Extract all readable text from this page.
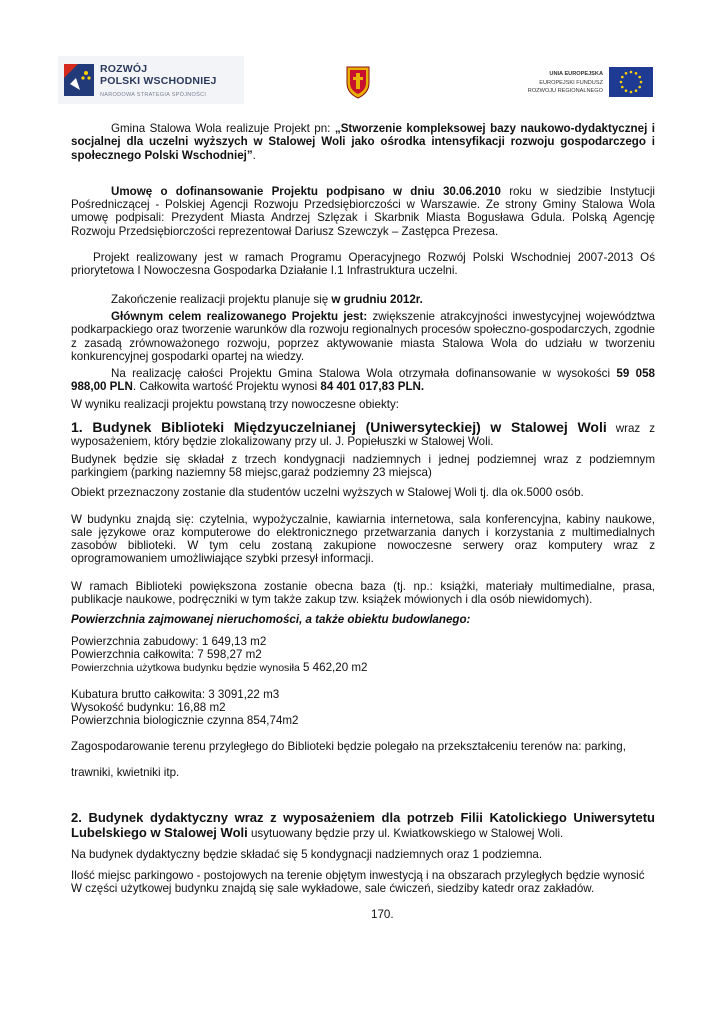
ROZWÓJ
POLSKI WSCHODNIEJ
NARODOWA STRATEGIA SPÓJNOŚCI
UNIA EUROPEJSKA
EUROPEJSKI FUNDUSZ
ROZWOJU REGIONALNEGO

Gmina Stalowa Wola realizuje Projekt pn: „Stworzenie kompleksowej bazy naukowo-dydaktycznej i socjalnej dla uczelni wyższych w Stalowej Woli jako ośrodka intensyfikacji rozwoju gospodarczego i społecznego Polski Wschodniej”.

Umowę o dofinansowanie Projektu podpisano w dniu 30.06.2010 roku w siedzibie Instytucji Pośredniczącej - Polskiej Agencji Rozwoju Przedsiębiorczości w Warszawie. Ze strony Gminy Stalowa Wola umowę podpisali: Prezydent Miasta Andrzej Szlęzak i Skarbnik Miasta Bogusława Gdula. Polską Agencję Rozwoju Przedsiębiorczości reprezentował Dariusz Szewczyk – Zastępca Prezesa.

Projekt realizowany jest w ramach Programu Operacyjnego Rozwój Polski Wschodniej 2007-2013 Oś priorytetowa I Nowoczesna Gospodarka Działanie I.1 Infrastruktura uczelni.

Zakończenie realizacji projektu planuje się w grudniu 2012r.

Głównym celem realizowanego Projektu jest: zwiększenie atrakcyjności inwestycyjnej województwa podkarpackiego oraz tworzenie warunków dla rozwoju regionalnych procesów społeczno-gospodarczych, zgodnie z zasadą zrównoważonego rozwoju, poprzez aktywowanie miasta Stalowa Wola do udziału w tworzeniu konkurencyjnej gospodarki opartej na wiedzy.

Na realizację całości Projektu Gmina Stalowa Wola otrzymała dofinansowanie w wysokości 59 058 988,00 PLN. Całkowita wartość Projektu wynosi 84 401 017,83 PLN.

W wyniku realizacji projektu powstaną trzy nowoczesne obiekty:

1. Budynek Biblioteki Międzyuczelnianej (Uniwersyteckiej) w Stalowej Woli wraz z wyposażeniem, który będzie zlokalizowany przy ul. J. Popiełuszki w Stalowej Woli.

Budynek będzie się składał z trzech kondygnacji nadziemnych i jednej podziemnej wraz z podziemnym parkingiem (parking naziemny 58 miejsc,garaż podziemny 23 miejsca)

Obiekt przeznaczony zostanie dla studentów uczelni wyższych w Stalowej Woli tj. dla ok.5000 osób.

W budynku znajdą się: czytelnia, wypożyczalnie, kawiarnia internetowa, sala konferencyjna, kabiny naukowe, sale językowe oraz komputerowe do elektronicznego przetwarzania danych i korzystania z multimedialnych zasobów biblioteki. W tym celu zostaną zakupione nowoczesne serwery oraz komputery wraz z oprogramowaniem umożliwiające szybki przesył informacji.

W ramach Biblioteki powiększona zostanie obecna baza (tj. np.: książki, materiały multimedialne, prasa, publikacje naukowe, podręczniki w tym także zakup tzw. książek mówionych i dla osób niewidomych).

Powierzchnia zajmowanej nieruchomości, a także obiektu budowlanego:

Powierzchnia zabudowy: 1 649,13 m2

Powierzchnia całkowita: 7 598,27 m2

Powierzchnia użytkowa budynku będzie wynosiła 5 462,20 m2

Kubatura brutto całkowita: 3 3091,22 m3

Wysokość budynku: 16,88 m2

Powierzchnia biologicznie czynna 854,74m2

Zagospodarowanie terenu przyległego do Biblioteki będzie polegało na przekształceniu terenów na: parking,

trawniki, kwietniki itp.

2. Budynek dydaktyczny wraz z wyposażeniem dla potrzeb Filii Katolickiego Uniwersytetu Lubelskiego w Stalowej Woli usytuowany będzie przy ul. Kwiatkowskiego w Stalowej Woli.

Na budynek dydaktyczny będzie składać się 5 kondygnacji nadziemnych oraz 1 podziemna.

Ilość miejsc parkingowo - postojowych na terenie objętym inwestycją i na obszarach przyległych będzie wynosić

W części użytkowej budynku znajdą się sale wykładowe, sale ćwiczeń, siedziby katedr oraz zakładów.

170.
